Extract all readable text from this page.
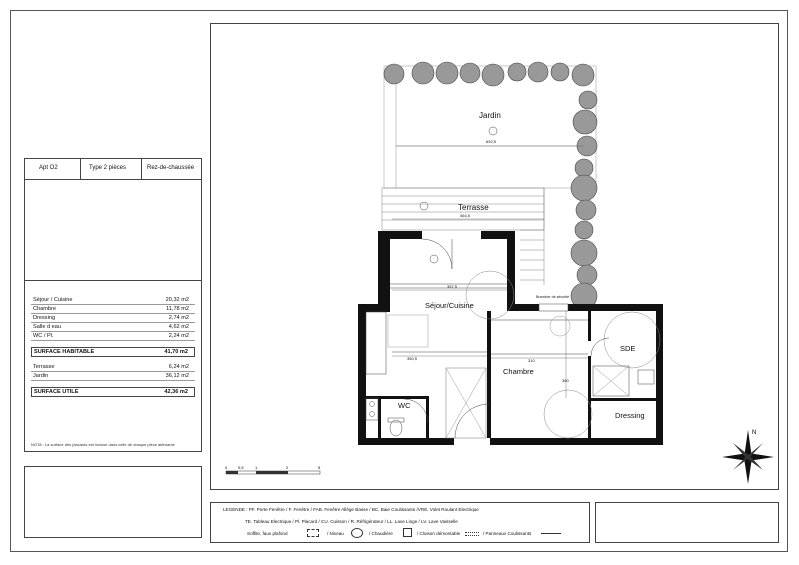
Apt O2	Type 2 pièces	Rez-de-chaussée
Séjour / Cuisine	20,32 m2
Chambre	11,78 m2
Dressing	2,74 m2
Salle d eau	4,62 m2
WC / Pl.	2,24 m2
SURFACE HABITABLE	41,70 m2
Terrasse	6,24 m2
Jardin	36,12 m2
SURFACE UTILE	42,36 m2
NOTA : La surface des placards est incluse dans celle de chaque pièce attenante
Jardin
Terrasse
Séjour/Cuisine
Chambre
SDE
Dressing
WC
692,5
464,5
357,5
350,5	310
360
Brancher de sécurité
0	0,5	1	2	5
N
LEGENDE : PF. Porte Fenêtre / F. Fenêtre / FAB. Fenêtre Allège Basse / BC. Baie Coulissante /VRE. Volet Roulant Electrique
TE. Tableau Electrique / Pl. Placard / CU. Cuisson / R. Réfrigérateur / LL. Lave Linge / LV. Lave Vaisselle
Soffite, faux plafond	/ Niveau	/ Chaudière	/ Cloison démontable	/ Panneaux Coulissants
